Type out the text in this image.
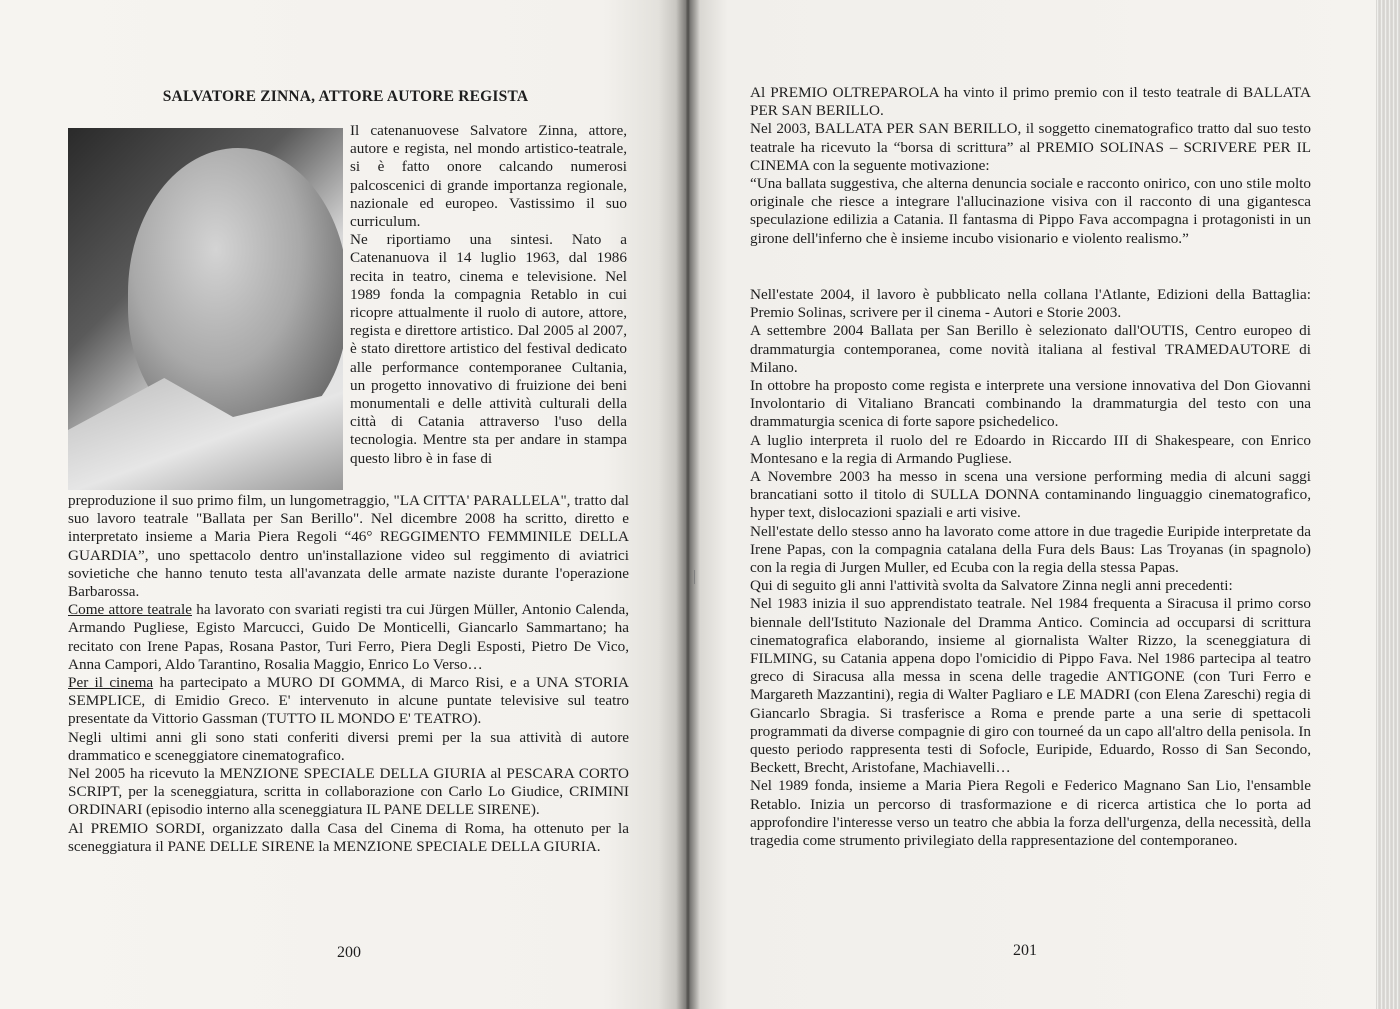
SALVATORE ZINNA, ATTORE AUTORE REGISTA

Il catenanuovese Salvatore Zinna, attore, autore e regista, nel mondo artistico-teatrale, si è fatto onore calcando numerosi palcoscenici di grande importanza regionale, nazionale ed europeo. Vastissimo il suo curriculum.

Ne riportiamo una sintesi. Nato a Catenanuova il 14 luglio 1963, dal 1986 recita in teatro, cinema e televisione. Nel 1989 fonda la compagnia Retablo in cui ricopre attualmente il ruolo di autore, attore, regista e direttore artistico. Dal 2005 al 2007, è stato direttore artistico del festival dedicato alle performance contemporanee Cultania, un progetto innovativo di fruizione dei beni monumentali e delle attività culturali della città di Catania attraverso l'uso della tecnologia. Mentre sta per andare in stampa questo libro è in fase di

preproduzione il suo primo film, un lungometraggio, "LA CITTA' PARALLELA", tratto dal suo lavoro teatrale "Ballata per San Berillo". Nel dicembre 2008 ha scritto, diretto e interpretato insieme a Maria Piera Regoli “46° REGGIMENTO FEMMINILE DELLA GUARDIA”, uno spettacolo dentro un'installazione video sul reggimento di aviatrici sovietiche che hanno tenuto testa all'avanzata delle armate naziste durante l'operazione Barbarossa.

Come attore teatrale ha lavorato con svariati registi tra cui Jürgen Müller, Antonio Calenda, Armando Pugliese, Egisto Marcucci, Guido De Monticelli, Giancarlo Sammartano; ha recitato con Irene Papas, Rosana Pastor, Turi Ferro, Piera Degli Esposti, Pietro De Vico, Anna Campori, Aldo Tarantino, Rosalia Maggio, Enrico Lo Verso…

Per il cinema ha partecipato a MURO DI GOMMA, di Marco Risi, e a UNA STORIA SEMPLICE, di Emidio Greco. E' intervenuto in alcune puntate televisive sul teatro presentate da Vittorio Gassman (TUTTO IL MONDO E' TEATRO).

Negli ultimi anni gli sono stati conferiti diversi premi per la sua attività di autore drammatico e sceneggiatore cinematografico.

Nel 2005 ha ricevuto la MENZIONE SPECIALE DELLA GIURIA al PESCARA CORTO SCRIPT, per la sceneggiatura, scritta in collaborazione con Carlo Lo Giudice, CRIMINI ORDINARI (episodio interno alla sceneggiatura IL PANE DELLE SIRENE).

Al PREMIO SORDI, organizzato dalla Casa del Cinema di Roma, ha ottenuto per la sceneggiatura il PANE DELLE SIRENE la MENZIONE SPECIALE DELLA GIURIA.

200

Al PREMIO OLTREPAROLA ha vinto il primo premio con il testo teatrale di BALLATA PER SAN BERILLO.

Nel 2003, BALLATA PER SAN BERILLO, il soggetto cinematografico tratto dal suo testo teatrale ha ricevuto la “borsa di scrittura” al PREMIO SOLINAS – SCRIVERE PER IL CINEMA con la seguente motivazione:

“Una ballata suggestiva, che alterna denuncia sociale e racconto onirico, con uno stile molto originale che riesce a integrare l'allucinazione visiva con il racconto di una gigantesca speculazione edilizia a Catania. Il fantasma di Pippo Fava accompagna i protagonisti in un girone dell'inferno che è insieme incubo visionario e violento realismo.”

Nell'estate 2004, il lavoro è pubblicato nella collana l'Atlante, Edizioni della Battaglia: Premio Solinas, scrivere per il cinema - Autori e Storie 2003.

A settembre 2004 Ballata per San Berillo è selezionato dall'OUTIS, Centro europeo di drammaturgia contemporanea, come novità italiana al festival TRAMEDAUTORE di Milano.

In ottobre ha proposto come regista e interprete una versione innovativa del Don Giovanni Involontario di Vitaliano Brancati combinando la drammaturgia del testo con una drammaturgia scenica di forte sapore psichedelico.

A luglio interpreta il ruolo del re Edoardo in Riccardo III di Shakespeare, con Enrico Montesano e la regia di Armando Pugliese.

A Novembre 2003 ha messo in scena una versione performing media di alcuni saggi brancatiani sotto il titolo di SULLA DONNA contaminando linguaggio cinematografico, hyper text, dislocazioni spaziali e arti visive.

Nell'estate dello stesso anno ha lavorato come attore in due tragedie Euripide interpretate da Irene Papas, con la compagnia catalana della Fura dels Baus: Las Troyanas (in spagnolo) con la regia di Jurgen Muller, ed Ecuba con la regia della stessa Papas.

Qui di seguito gli anni l'attività svolta da Salvatore Zinna negli anni precedenti:

Nel 1983 inizia il suo apprendistato teatrale. Nel 1984 frequenta a Siracusa il primo corso biennale dell'Istituto Nazionale del Dramma Antico. Comincia ad occuparsi di scrittura cinematografica elaborando, insieme al giornalista Walter Rizzo, la sceneggiatura di FILMING, su Catania appena dopo l'omicidio di Pippo Fava. Nel 1986 partecipa al teatro greco di Siracusa alla messa in scena delle tragedie ANTIGONE (con Turi Ferro e Margareth Mazzantini), regia di Walter Pagliaro e LE MADRI (con Elena Zareschi) regia di Giancarlo Sbragia. Si trasferisce a Roma e prende parte a una serie di spettacoli programmati da diverse compagnie di giro con tourneé da un capo all'altro della penisola. In questo periodo rappresenta testi di Sofocle, Euripide, Eduardo, Rosso di San Secondo, Beckett, Brecht, Aristofane, Machiavelli…

Nel 1989 fonda, insieme a Maria Piera Regoli e Federico Magnano San Lio, l'ensamble Retablo. Inizia un percorso di trasformazione e di ricerca artistica che lo porta ad approfondire l'interesse verso un teatro che abbia la forza dell'urgenza, della necessità, della tragedia come strumento privilegiato della rappresentazione del contemporaneo.

201
